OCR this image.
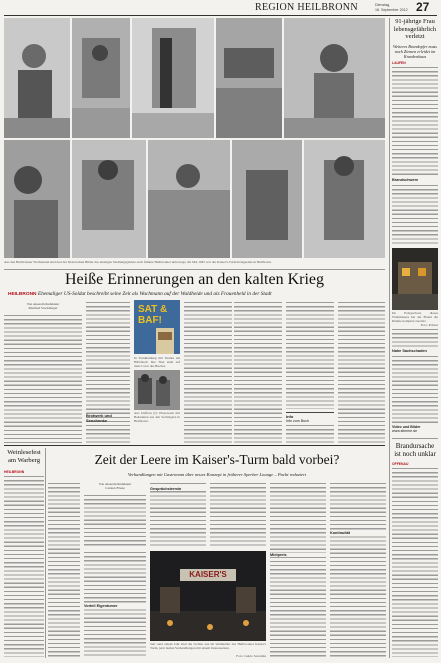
REGION HEILBRONN	Dienstag,
18. September 2012 27
Aus den Heilbronner Wochenend sind drei der historischen Bilder des einstigen Siedlungsgebiets auch frühere Heilbronner unterwegs. Im Mai 1945 war der Kaiser's-Turm Kriegsende in Heilbronn.
Heiße Erinnerungen an den kalten Krieg
HEILBRONN Ehemaliger US-Soldat beschreibt seine Zeit als Wachmann auf der Waldheide und als Frauenheld in der Stadt
Von unserem Redakteur
Manfred Stockburger	SAT &
BAF!
In Tarnkleidung mit Tunika am Hilfsbuch: Der Titel steht auf dem Cover des Buches.
Aus Daffern (l): Phototeam mit Bekannten aus den Sechzigern in Heilbronn.
Brotwerk und Senchenke
Info
Info zum Buch
91-jährige Frau lebensgefährlich verletzt
Weiteres Brandopfer muss noch Ziemen erleidet im Krankenhaus
LAUFEN
Brandschwere
Im Erdgeschoss dieses Wohnhauses hat der Brand die Räume komplett zerstört.
Foto: Polizei
Nahe Sachschaden
Video und Bilder
www.stimme.de
Brandursache ist noch unklar
OFFENAU
Weinlesefest
am Warberg
HEILBRONN
Zeit der Leere im Kaiser's-Turm bald vorbei?
Verhandlungen mit Gastronom über neues Konzept in früherer Sperber Lounge – Pacht reduziert
Von unserem Redakteur
Carsten Friese	Gesprächstermin
Mietpreis
Kontinuität
KAISER'S
Seit rund einem Jahr sind die Lichter aus im Weinkeller des Heilbronner Kaiser's Turm, jetzt laufen Verhandlungen mit einem Interessenten.
Foto: Guido Sawatzki
Vorteil Eigentumer
